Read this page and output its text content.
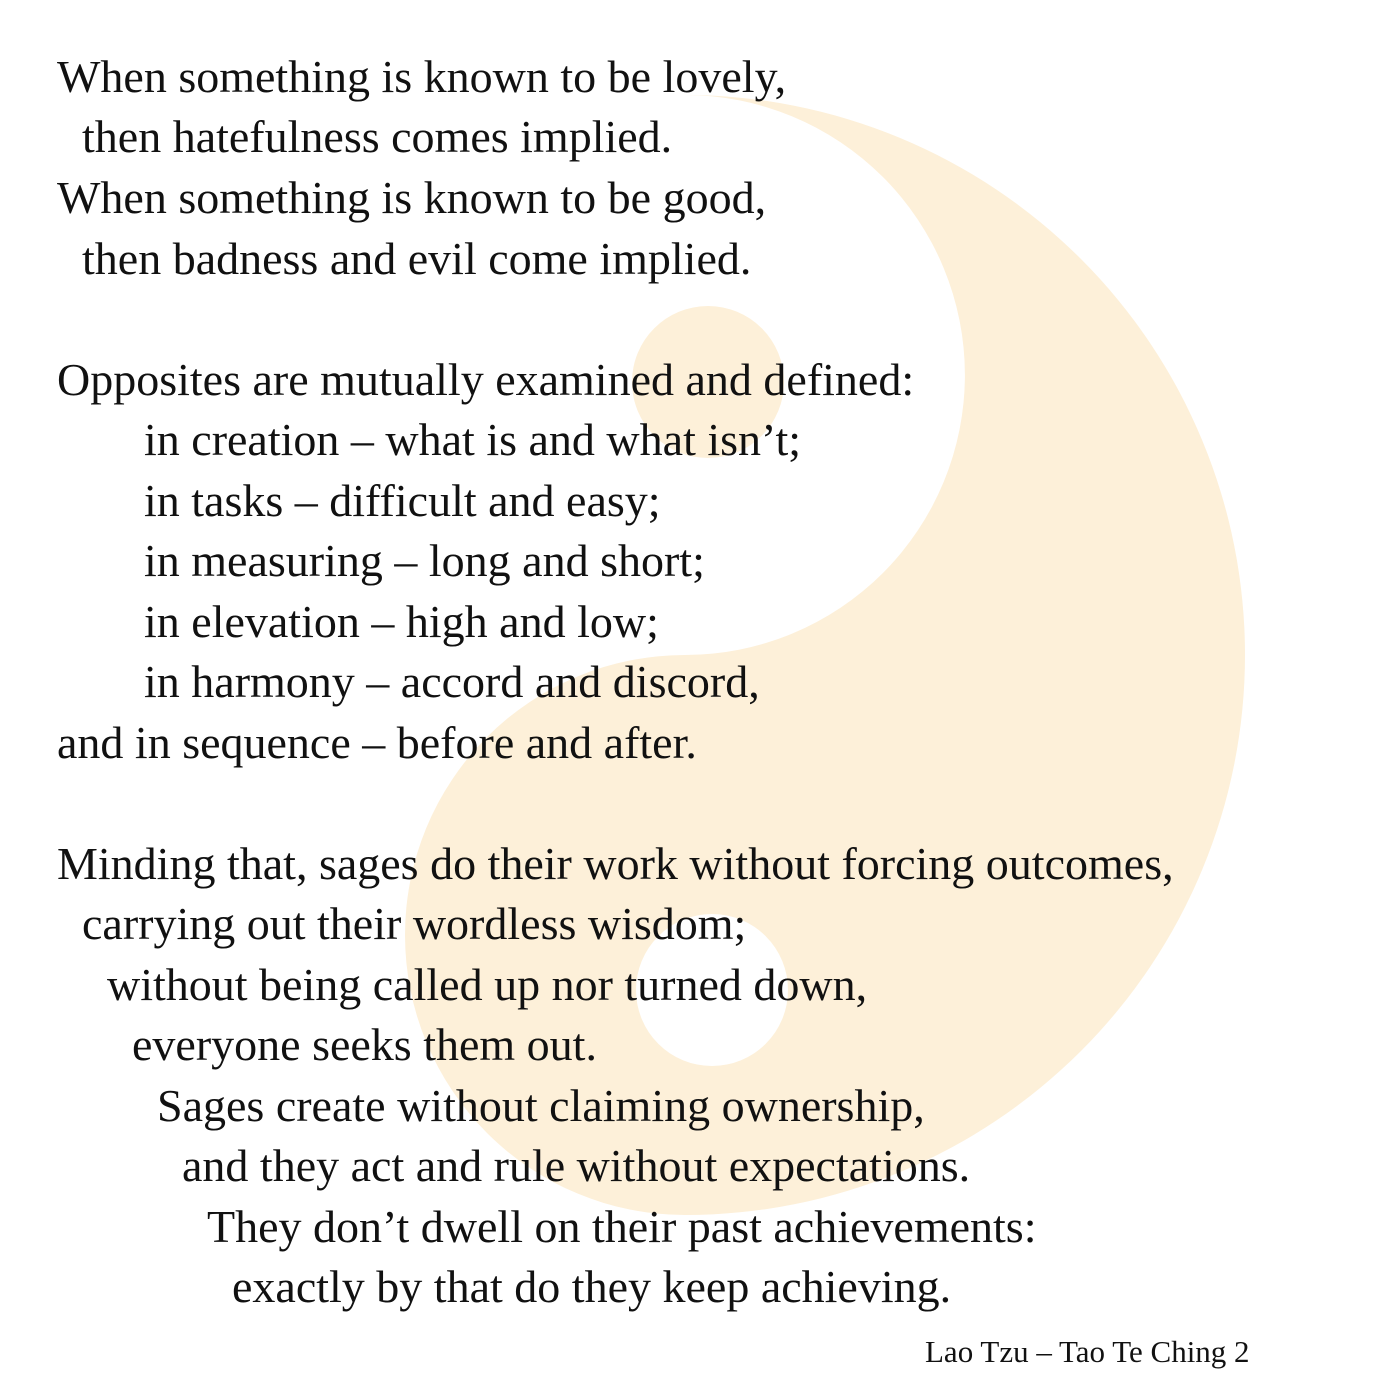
When something is known to be lovely,
then hatefulness comes implied.
When something is known to be good,
then badness and evil come implied.
Opposites are mutually examined and defined:
in creation – what is and what isn’t;
in tasks – difficult and easy;
in measuring – long and short;
in elevation – high and low;
in harmony – accord and discord,
and in sequence – before and after.
Minding that, sages do their work without forcing outcomes,
carrying out their wordless wisdom;
without being called up nor turned down,
everyone seeks them out.
Sages create without claiming ownership,
and they act and rule without expectations.
They don’t dwell on their past achievements:
exactly by that do they keep achieving.
Lao Tzu – Tao Te Ching 2
